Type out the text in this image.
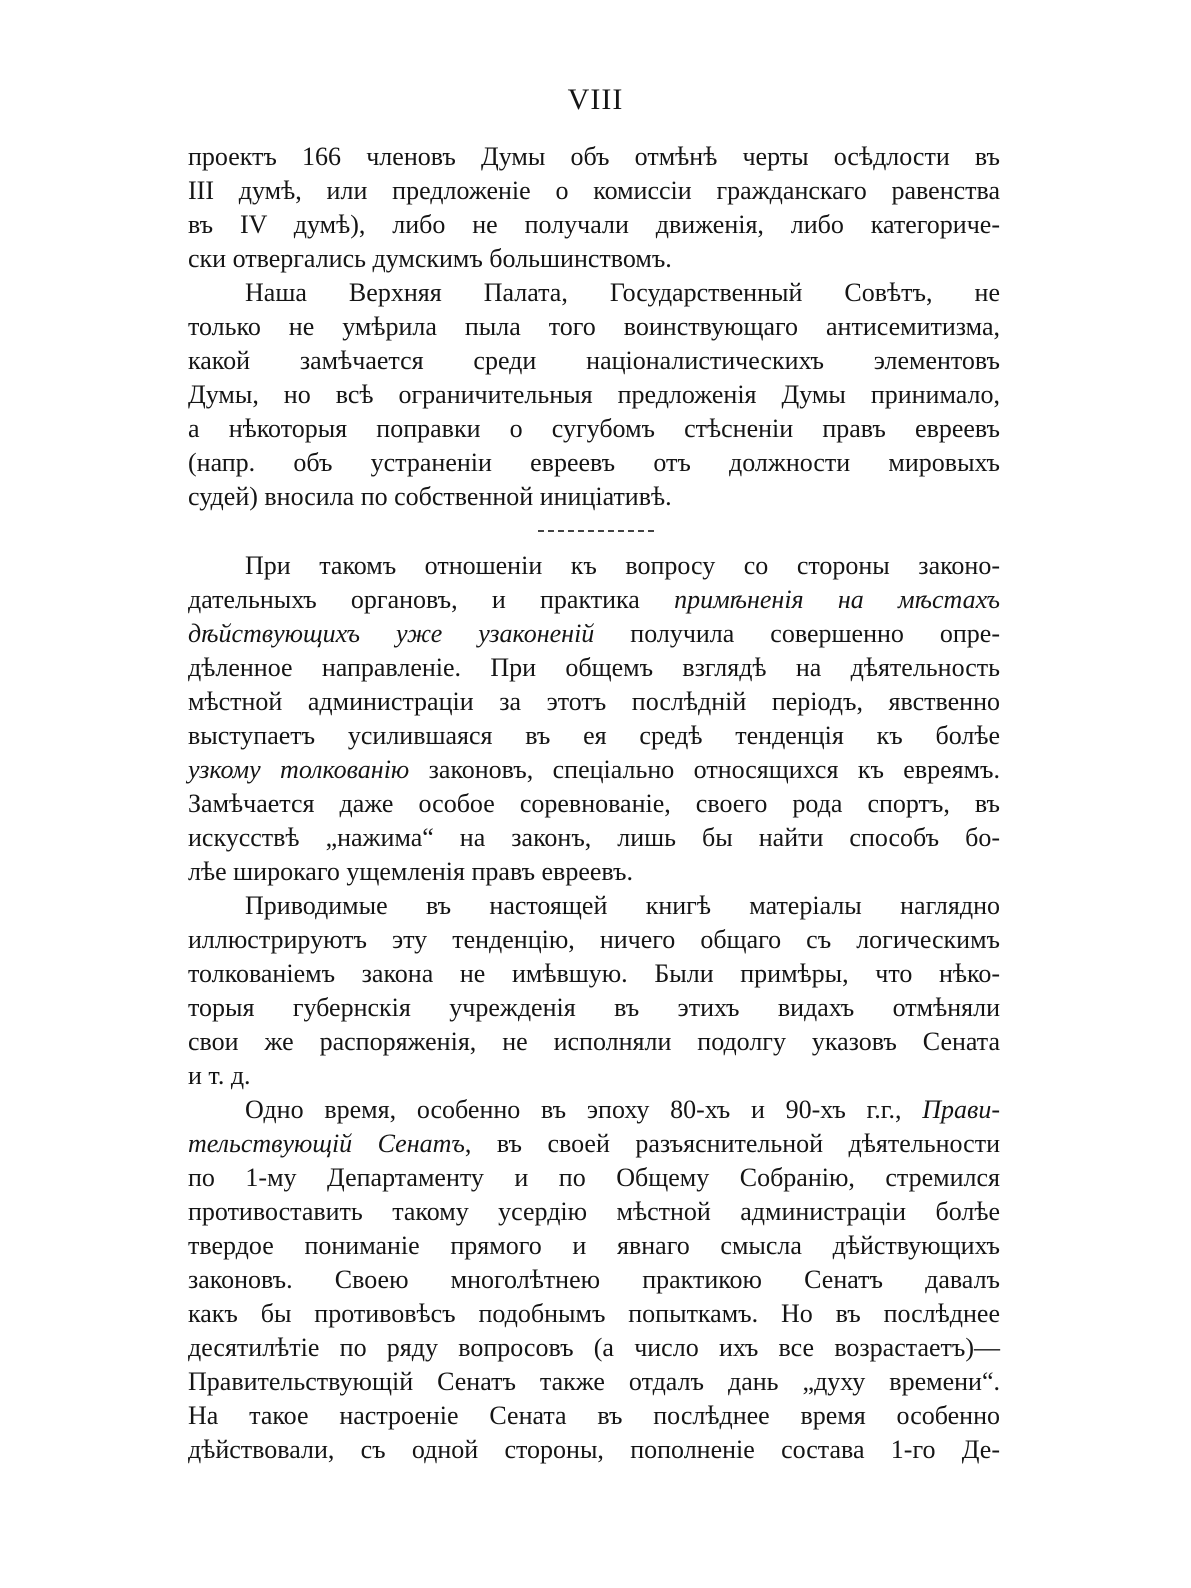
VIII
проектъ 166 членовъ Думы объ отмѣнѣ черты осѣдлости въ
III думѣ, или предложеніе о комиссіи гражданскаго равенства
въ IV думѣ), либо не получали движенія, либо категориче-
ски отвергались думскимъ большинствомъ.
Наша Верхняя Палата, Государственный Совѣтъ, не
только не умѣрила пыла того воинствующаго антисемитизма,
какой замѣчается среди націоналистическихъ элементовъ
Думы, но всѣ ограничительныя предложенія Думы принимало,
а нѣкоторыя поправки о сугубомъ стѣсненіи правъ евреевъ
(напр. объ устраненіи евреевъ отъ должности мировыхъ
судей) вносила по собственной иниціативѣ.
При такомъ отношеніи къ вопросу со стороны законо-
дательныхъ органовъ, и практика примѣненія на мѣстахъ
дѣйствующихъ уже узаконеній получила совершенно опре-
дѣленное направленіе. При общемъ взглядѣ на дѣятельность
мѣстной администраціи за этотъ послѣдній періодъ, явственно
выступаетъ усилившаяся въ ея средѣ тенденція къ болѣе
узкому толкованію законовъ, спеціально относящихся къ евреямъ.
Замѣчается даже особое соревнованіе, своего рода спортъ, въ
искусствѣ „нажима“ на законъ, лишь бы найти способъ бо-
лѣе широкаго ущемленія правъ евреевъ.
Приводимые въ настоящей книгѣ матеріалы наглядно
иллюстрируютъ эту тенденцію, ничего общаго съ логическимъ
толкованіемъ закона не имѣвшую. Были примѣры, что нѣко-
торыя губернскія учрежденія въ этихъ видахъ отмѣняли
свои же распоряженія, не исполняли подолгу указовъ Сената
и т. д.
Одно время, особенно въ эпоху 80-хъ и 90-хъ г.г., Прави-
тельствующій Сенатъ, въ своей разъяснительной дѣятельности
по 1-му Департаменту и по Общему Собранію, стремился
противоставить такому усердію мѣстной администраціи болѣе
твердое пониманіе прямого и явнаго смысла дѣйствующихъ
законовъ. Своею многолѣтнею практикою Сенатъ давалъ
какъ бы противовѣсъ подобнымъ попыткамъ. Но въ послѣднее
десятилѣтіе по ряду вопросовъ (а число ихъ все возрастаетъ)—
Правительствующій Сенатъ также отдалъ дань „духу времени“.
На такое настроеніе Сената въ послѣднее время особенно
дѣйствовали, съ одной стороны, пополненіе состава 1-го Де-
